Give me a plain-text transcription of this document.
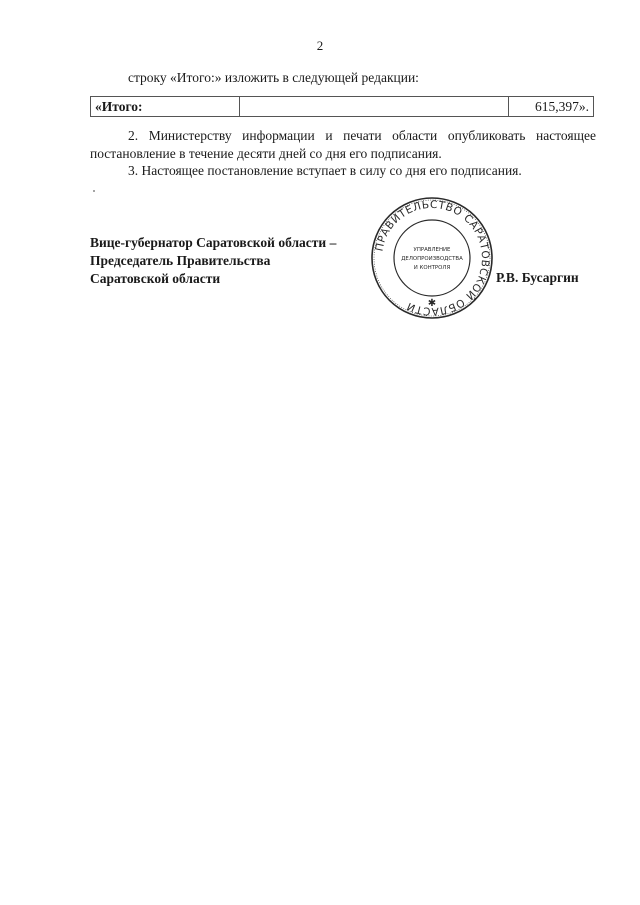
2
строку «Итого:» изложить в следующей редакции:
«Итого:		615,397».
2. Министерству информации и печати области опубликовать настоящее постановление в течение десяти дней со дня его подписания.
3. Настоящее постановление вступает в силу со дня его подписания.
Вице-губернатор Саратовской области –
Председатель Правительства
Саратовской области	Р.В. Бусаргин
ПРАВИТЕЛЬСТВО САРАТОВСКОЙ ОБЛАСТИ
УПРАВЛЕНИЕ
ДЕЛОПРОИЗВОДСТВА
И КОНТРОЛЯ
✱
